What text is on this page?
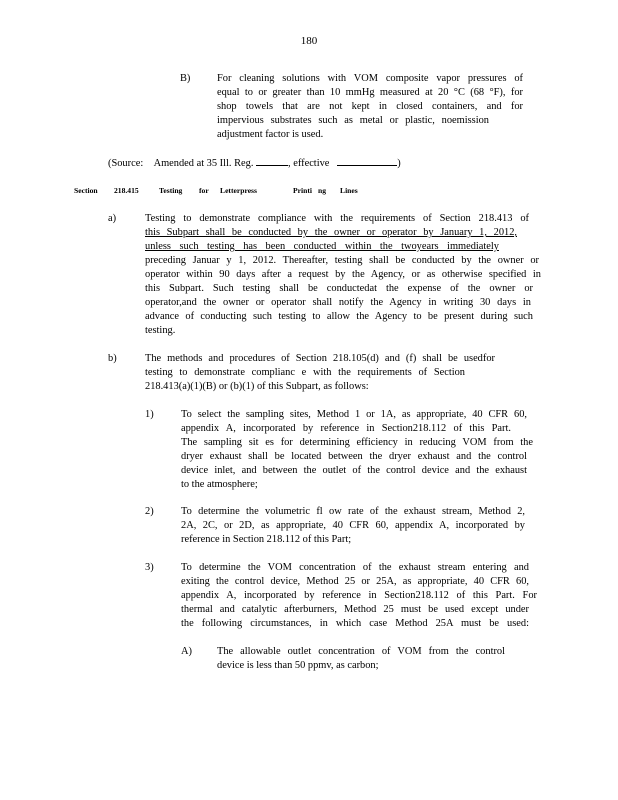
180
B)	For cleaning solutions with VOM composite vapor pressures of
equal to or greater than 10 mmHg measured at 20 °C (68 °F), for
shop towels that are not kept in closed containers, and for
impervious substrates such as metal or plastic, noemission
adjustment factor is used.
(Source: Amended at 35 Ill. Reg.	, effective	)
Section 218.415	Testing for Letterpress	Printi ng Lines
a)	Testing to demonstrate compliance with the requirements of Section 218.413 of
this Subpart shall be conducted by the owner or operator by January 1, 2012,
unless such testing has been conducted within the twoyears immediately
preceding Januar y 1, 2012. Thereafter, testing shall be conducted by the owner or
operator within 90 days after a request by the Agency, or as otherwise specified in
this Subpart. Such testing shall be conductedat the expense of the owner or
operator,and the owner or operator shall notify the Agency in writing 30 days in
advance of conducting such testing to allow the Agency to be present during such
testing.
b)	The methods and procedures of Section 218.105(d) and (f) shall be usedfor
testing to demonstrate complianc e with the requirements of Section
218.413(a)(1)(B) or (b)(1) of this Subpart, as follows:
1)	To select the sampling sites, Method 1 or 1A, as appropriate, 40 CFR 60,
appendix A, incorporated by reference in Section218.112 of this Part.
The sampling sit es for determining efficiency in reducing VOM from the
dryer exhaust shall be located between the dryer exhaust and the control
device inlet, and between the outlet of the control device and the exhaust
to the atmosphere;
2)	To determine the volumetric fl ow rate of the exhaust stream, Method 2,
2A, 2C, or 2D, as appropriate, 40 CFR 60, appendix A, incorporated by
reference in Section 218.112 of this Part;
3)	To determine the VOM concentration of the exhaust stream entering and
exiting the control device, Method 25 or 25A, as appropriate, 40 CFR 60,
appendix A, incorporated by reference in Section218.112 of this Part. For
thermal and catalytic afterburners, Method 25 must be used except under
the following circumstances, in which case Method 25A must be used:
A) The allowable outlet concentration of VOM from the control
device is less than 50 ppmv, as carbon;
